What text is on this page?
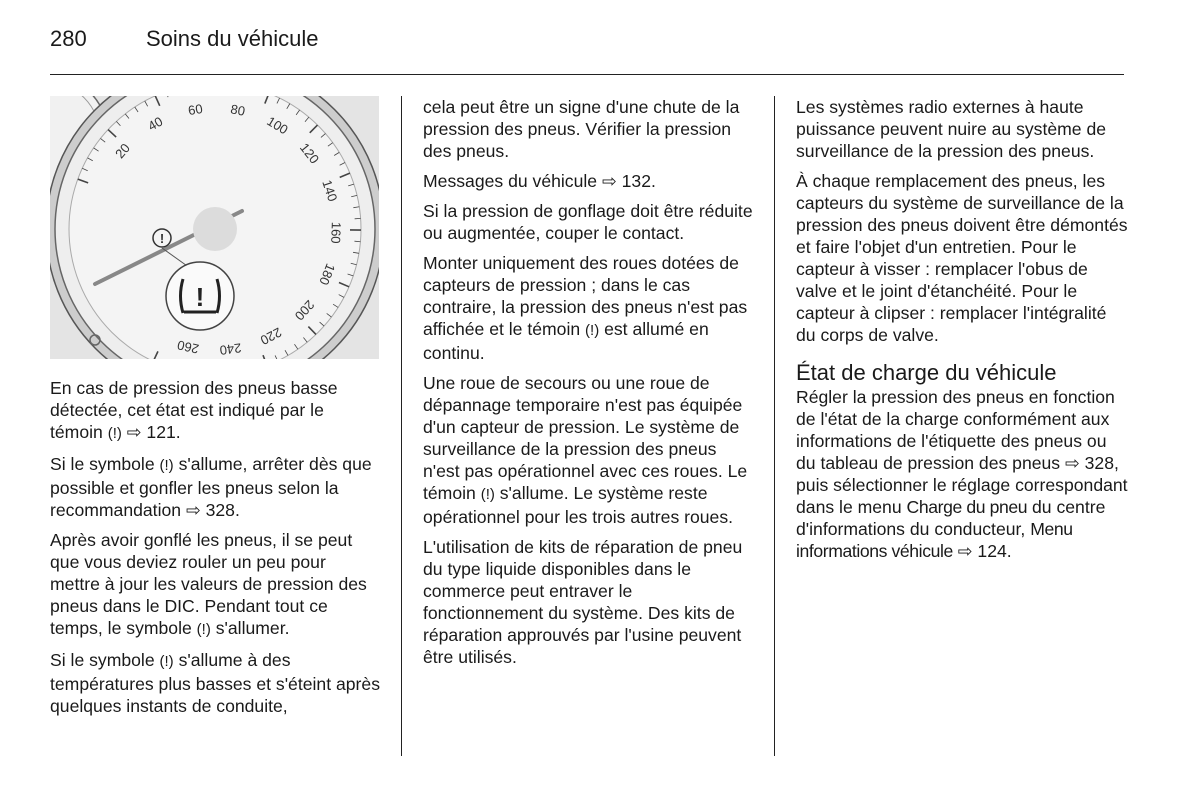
280	Soins du véhicule
20
40
60 80
100
120
140
160
180
200
220
240
260
!
!

En cas de pression des pneus basse détectée, cet état est indiqué par le témoin (!) ⇨ 121.

Si le symbole (!) s'allume, arrêter dès que possible et gonfler les pneus selon la recommandation ⇨ 328.

Après avoir gonflé les pneus, il se peut que vous deviez rouler un peu pour mettre à jour les valeurs de pression des pneus dans le DIC. Pendant tout ce temps, le symbole (!) s'allumer.

Si le symbole (!) s'allume à des températures plus basses et s'éteint après quelques instants de conduite,

cela peut être un signe d'une chute de la pression des pneus. Vérifier la pression des pneus.

Messages du véhicule ⇨ 132.

Si la pression de gonflage doit être réduite ou augmentée, couper le contact.

Monter uniquement des roues dotées de capteurs de pression ; dans le cas contraire, la pression des pneus n'est pas affichée et le témoin (!) est allumé en continu.

Une roue de secours ou une roue de dépannage temporaire n'est pas équipée d'un capteur de pression. Le système de surveillance de la pression des pneus n'est pas opérationnel avec ces roues. Le témoin (!) s'allume. Le système reste opérationnel pour les trois autres roues.

L'utilisation de kits de réparation de pneu du type liquide disponibles dans le commerce peut entraver le fonctionnement du système. Des kits de réparation approuvés par l'usine peuvent être utilisés.

Les systèmes radio externes à haute puissance peuvent nuire au système de surveillance de la pression des pneus.

À chaque remplacement des pneus, les capteurs du système de surveillance de la pression des pneus doivent être démontés et faire l'objet d'un entretien. Pour le capteur à visser : remplacer l'obus de valve et le joint d'étanchéité. Pour le capteur à clipser : remplacer l'intégralité du corps de valve.

État de charge du véhicule

Régler la pression des pneus en fonction de l'état de la charge conformément aux informations de l'étiquette des pneus ou du tableau de pression des pneus ⇨ 328, puis sélectionner le réglage correspondant dans le menu Charge du pneu du centre d'informations du conducteur, Menu informations véhicule ⇨ 124.
